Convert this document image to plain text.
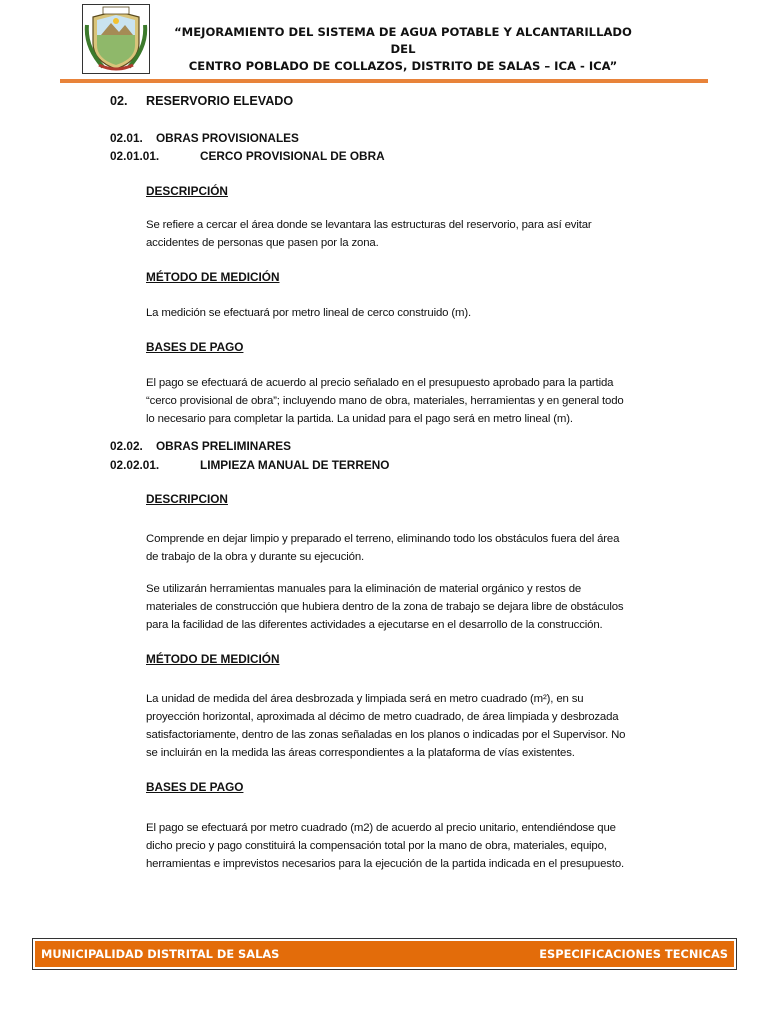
“MEJORAMIENTO DEL SISTEMA DE AGUA POTABLE Y ALCANTARILLADO DEL
CENTRO POBLADO DE COLLAZOS, DISTRITO DE SALAS – ICA - ICA”
02. RESERVORIO ELEVADO
02.01. OBRAS PROVISIONALES
02.01.01.	CERCO PROVISIONAL DE OBRA
DESCRIPCIÓN
Se refiere a cercar el área donde se levantara las estructuras del reservorio, para así evitar
accidentes de personas que pasen por la zona.
MÉTODO DE MEDICIÓN
La medición se efectuará por metro lineal de cerco construido (m).
BASES DE PAGO
El pago se efectuará de acuerdo al precio señalado en el presupuesto aprobado para la partida
“cerco provisional de obra”; incluyendo mano de obra, materiales, herramientas y en general todo
lo necesario para completar la partida. La unidad para el pago será en metro lineal (m).
02.02. OBRAS PRELIMINARES
02.02.01.	LIMPIEZA MANUAL DE TERRENO
DESCRIPCION
Comprende en dejar limpio y preparado el terreno, eliminando todo los obstáculos fuera del área
de trabajo de la obra y durante su ejecución.
Se utilizarán herramientas manuales para la eliminación de material orgánico y restos de
materiales de construcción que hubiera dentro de la zona de trabajo se dejara libre de obstáculos
para la facilidad de las diferentes actividades a ejecutarse en el desarrollo de la construcción.
MÉTODO DE MEDICIÓN
La unidad de medida del área desbrozada y limpiada será en metro cuadrado (m²), en su
proyección horizontal, aproximada al décimo de metro cuadrado, de área limpiada y desbrozada
satisfactoriamente, dentro de las zonas señaladas en los planos o indicadas por el Supervisor. No
se incluirán en la medida las áreas correspondientes a la plataforma de vías existentes.
BASES DE PAGO
El pago se efectuará por metro cuadrado (m2) de acuerdo al precio unitario, entendiéndose que
dicho precio y pago constituirá la compensación total por la mano de obra, materiales, equipo,
herramientas e imprevistos necesarios para la ejecución de la partida indicada en el presupuesto.
MUNICIPALIDAD DISTRITAL DE SALAS	ESPECIFICACIONES TECNICAS
